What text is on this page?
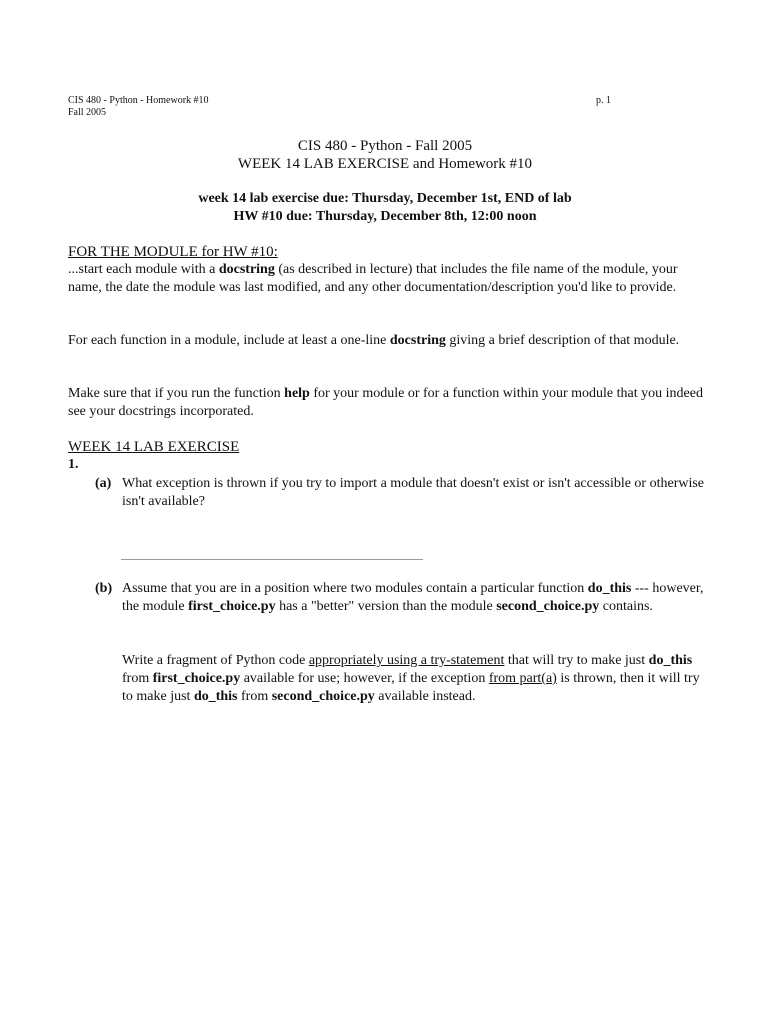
CIS 480 - Python - Homework #10
Fall 2005
p. 1
CIS 480 - Python - Fall 2005
WEEK 14 LAB EXERCISE and Homework #10
week 14 lab exercise due: Thursday, December 1st, END of lab
HW #10 due: Thursday, December 8th, 12:00 noon
FOR THE MODULE for HW #10:
...start each module with a docstring (as described in lecture) that includes the file name of the module, your name, the date the module was last modified, and any other documentation/description you'd like to provide.
For each function in a module, include at least a one-line docstring giving a brief description of that module.
Make sure that if you run the function help for your module or for a function within your module that you indeed see your docstrings incorporated.
WEEK 14 LAB EXERCISE
1.
(a) What exception is thrown if you try to import a module that doesn't exist or isn't accessible or otherwise isn't available?
(b) Assume that you are in a position where two modules contain a particular function do_this --- however, the module first_choice.py has a "better" version than the module second_choice.py contains.
Write a fragment of Python code appropriately using a try-statement that will try to make just do_this from first_choice.py available for use; however, if the exception from part(a) is thrown, then it will try to make just do_this from second_choice.py available instead.
